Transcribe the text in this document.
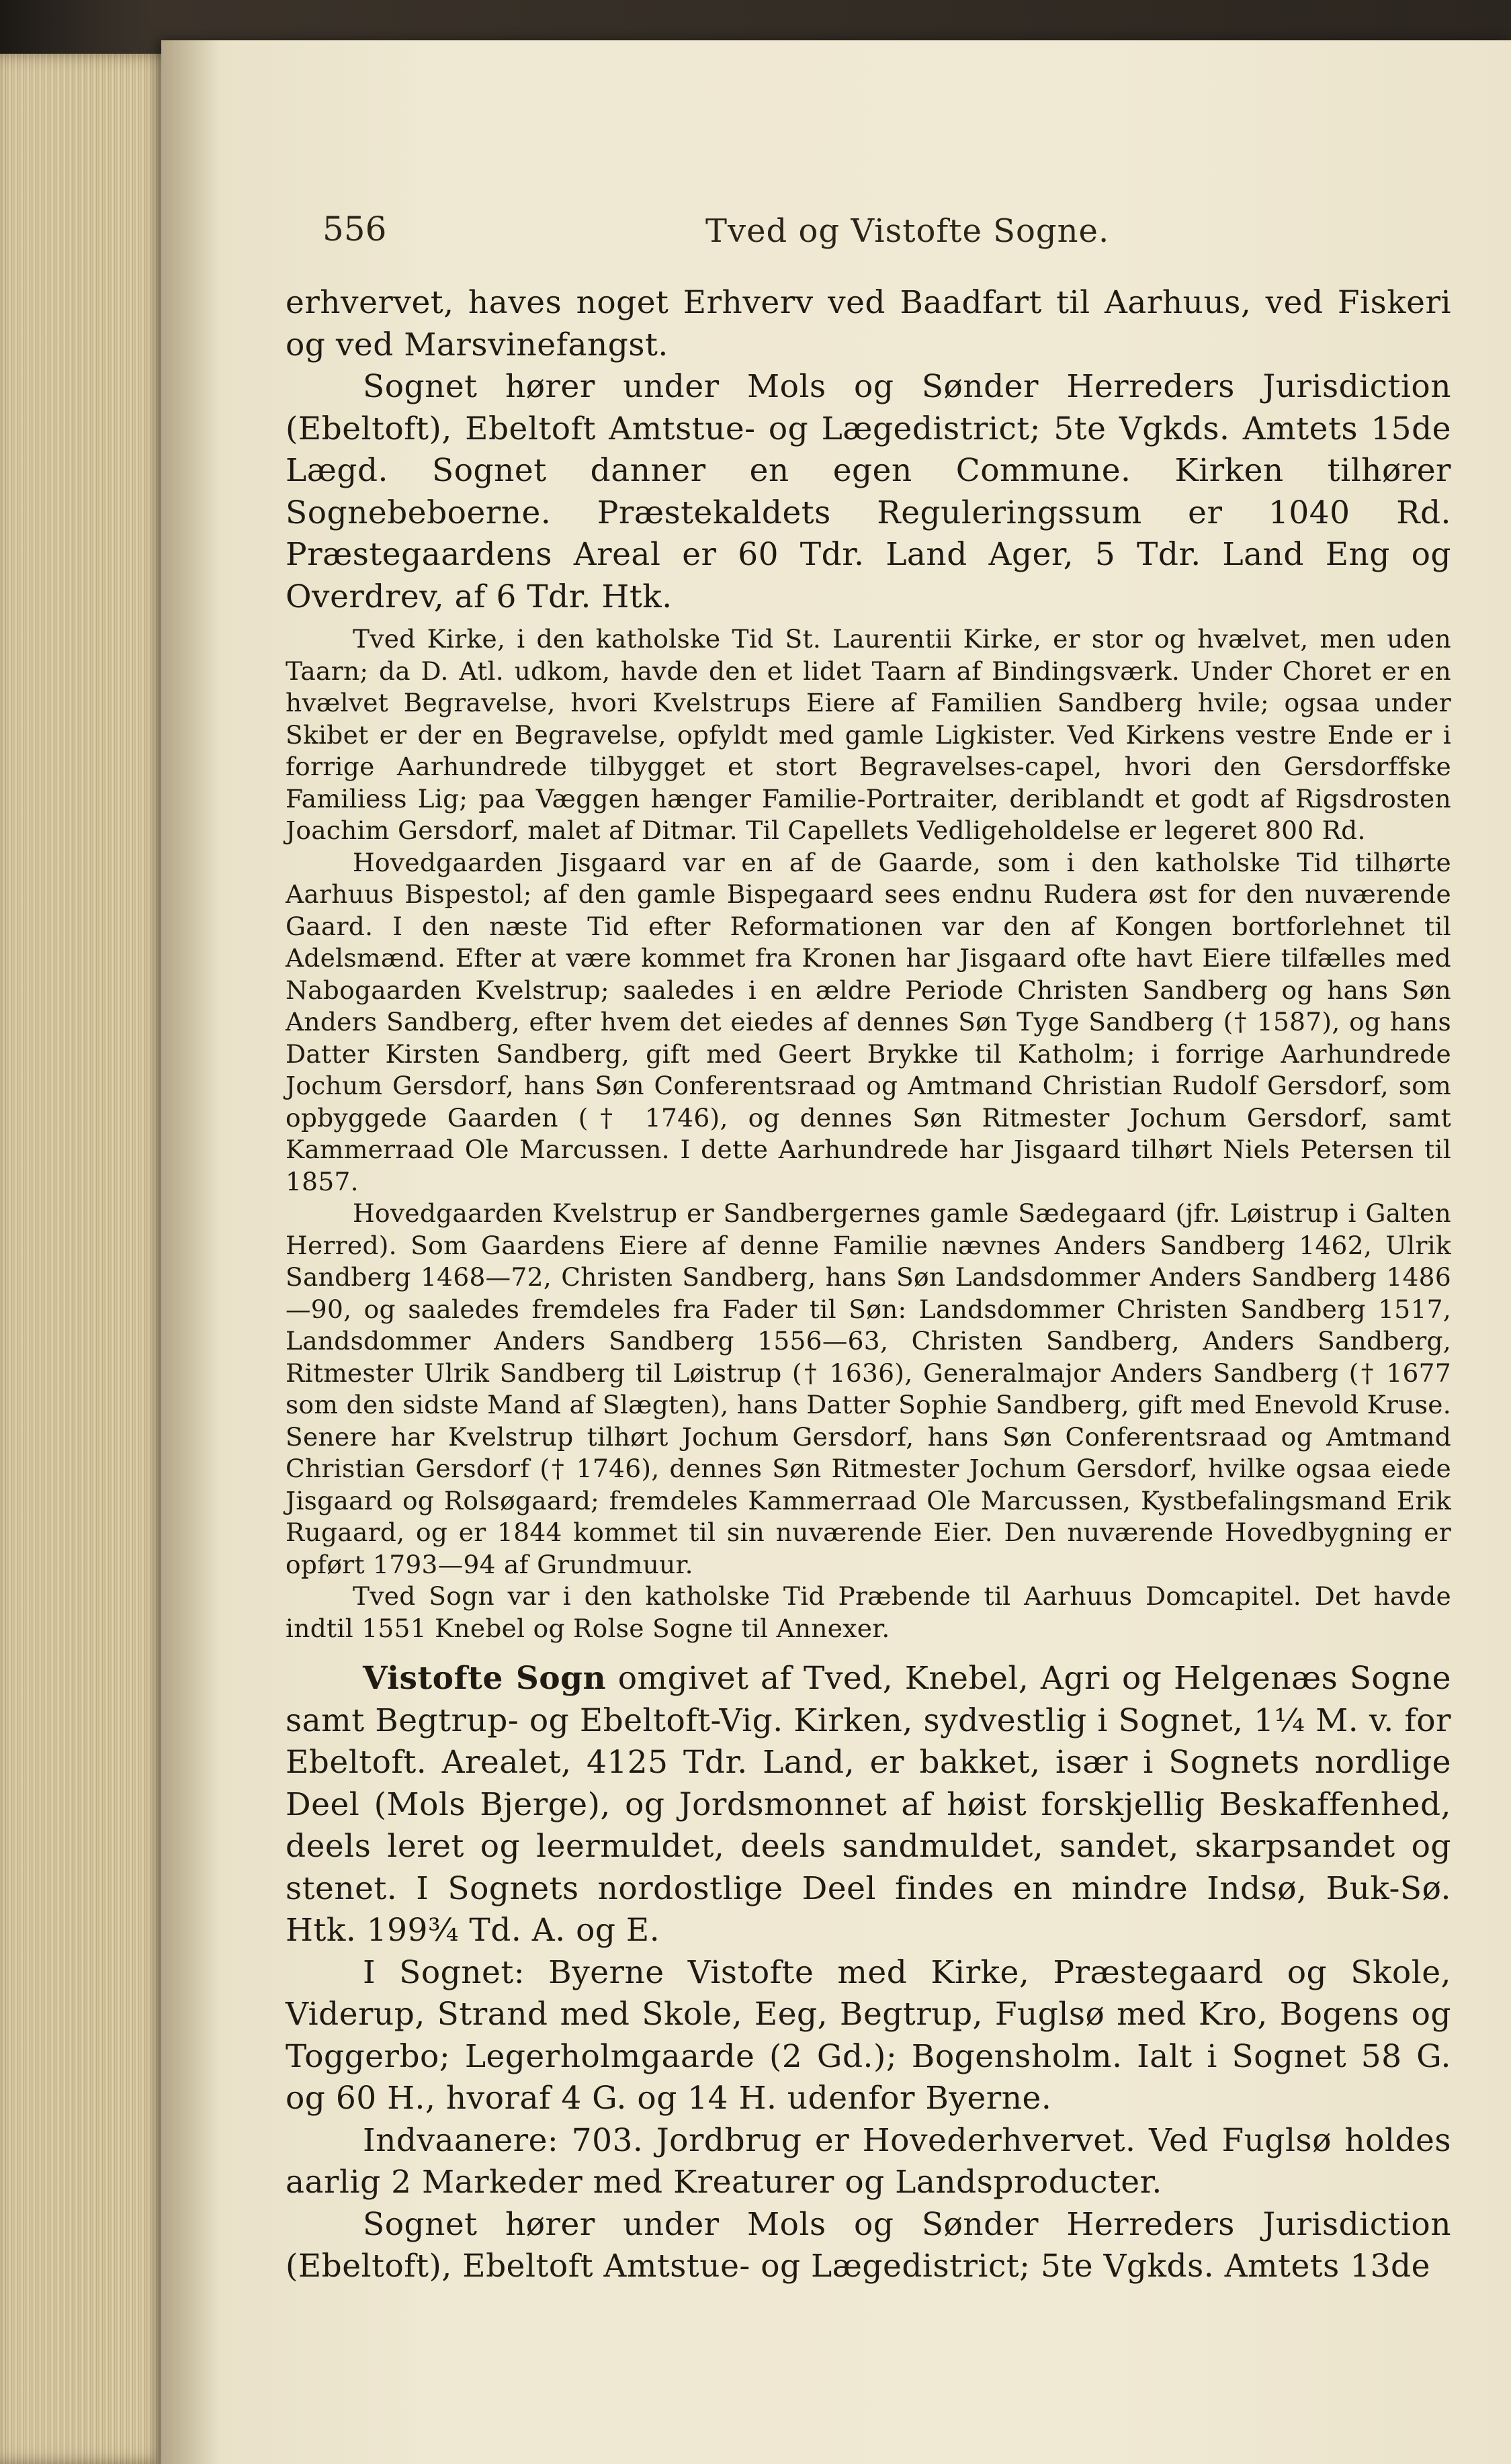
556	Tved og Vistofte Sogne.

erhvervet, haves noget Erhverv ved Baadfart til Aarhuus, ved Fiskeri og ved Marsvinefangst.

Sognet hører under Mols og Sønder Herreders Jurisdiction (Ebeltoft), Ebeltoft Amtstue- og Lægedistrict; 5te Vgkds. Amtets 15de Lægd. Sognet danner en egen Commune. Kirken tilhører Sognebeboerne. Præstekaldets Reguleringssum er 1040 Rd. Præstegaardens Areal er 60 Tdr. Land Ager, 5 Tdr. Land Eng og Overdrev, af 6 Tdr. Htk.

Tved Kirke, i den katholske Tid St. Laurentii Kirke, er stor og hvælvet, men uden Taarn; da D. Atl. udkom, havde den et lidet Taarn af Bindingsværk. Under Choret er en hvælvet Begravelse, hvori Kvelstrups Eiere af Familien Sandberg hvile; ogsaa under Skibet er der en Begravelse, opfyldt med gamle Ligkister. Ved Kirkens vestre Ende er i forrige Aarhundrede tilbygget et stort Begravelses-capel, hvori den Gersdorffske Familiess Lig; paa Væggen hænger Familie-Portraiter, deriblandt et godt af Rigsdrosten Joachim Gersdorf, malet af Ditmar. Til Capellets Vedligeholdelse er legeret 800 Rd.

Hovedgaarden Jisgaard var en af de Gaarde, som i den katholske Tid tilhørte Aarhuus Bispestol; af den gamle Bispegaard sees endnu Rudera øst for den nuværende Gaard. I den næste Tid efter Reformationen var den af Kongen bortforlehnet til Adelsmænd. Efter at være kommet fra Kronen har Jisgaard ofte havt Eiere tilfælles med Nabogaarden Kvelstrup; saaledes i en ældre Periode Christen Sandberg og hans Søn Anders Sandberg, efter hvem det eiedes af dennes Søn Tyge Sandberg († 1587), og hans Datter Kirsten Sandberg, gift med Geert Brykke til Katholm; i forrige Aarhundrede Jochum Gersdorf, hans Søn Conferentsraad og Amtmand Christian Rudolf Gersdorf, som opbyggede Gaarden († 1746), og dennes Søn Ritmester Jochum Gersdorf, samt Kammerraad Ole Marcussen. I dette Aarhundrede har Jisgaard tilhørt Niels Petersen til 1857.

Hovedgaarden Kvelstrup er Sandbergernes gamle Sædegaard (jfr. Løistrup i Galten Herred). Som Gaardens Eiere af denne Familie nævnes Anders Sandberg 1462, Ulrik Sandberg 1468—72, Christen Sandberg, hans Søn Landsdommer Anders Sandberg 1486—90, og saaledes fremdeles fra Fader til Søn: Landsdommer Christen Sandberg 1517, Landsdommer Anders Sandberg 1556—63, Christen Sandberg, Anders Sandberg, Ritmester Ulrik Sandberg til Løistrup († 1636), Generalmajor Anders Sandberg († 1677 som den sidste Mand af Slægten), hans Datter Sophie Sandberg, gift med Enevold Kruse. Senere har Kvelstrup tilhørt Jochum Gersdorf, hans Søn Conferentsraad og Amtmand Christian Gersdorf († 1746), dennes Søn Ritmester Jochum Gersdorf, hvilke ogsaa eiede Jisgaard og Rolsøgaard; fremdeles Kammerraad Ole Marcussen, Kystbefalingsmand Erik Rugaard, og er 1844 kommet til sin nuværende Eier. Den nuværende Hovedbygning er opført 1793—94 af Grundmuur.

Tved Sogn var i den katholske Tid Præbende til Aarhuus Domcapitel. Det havde indtil 1551 Knebel og Rolse Sogne til Annexer.

Vistofte Sogn omgivet af Tved, Knebel, Agri og Helgenæs Sogne samt Begtrup- og Ebeltoft-Vig. Kirken, sydvestlig i Sognet, 1¼ M. v. for Ebeltoft. Arealet, 4125 Tdr. Land, er bakket, især i Sognets nordlige Deel (Mols Bjerge), og Jordsmonnet af høist forskjellig Beskaffenhed, deels leret og leermuldet, deels sandmuldet, sandet, skarpsandet og stenet. I Sognets nordostlige Deel findes en mindre Indsø, Buk-Sø. Htk. 199¾ Td. A. og E.

I Sognet: Byerne Vistofte med Kirke, Præstegaard og Skole, Viderup, Strand med Skole, Eeg, Begtrup, Fuglsø med Kro, Bogens og Toggerbo; Legerholmgaarde (2 Gd.); Bogensholm. Ialt i Sognet 58 G. og 60 H., hvoraf 4 G. og 14 H. udenfor Byerne.

Indvaanere: 703. Jordbrug er Hovederhvervet. Ved Fuglsø holdes aarlig 2 Markeder med Kreaturer og Landsproducter.

Sognet hører under Mols og Sønder Herreders Jurisdiction (Ebeltoft), Ebeltoft Amtstue- og Lægedistrict; 5te Vgkds. Amtets 13de
